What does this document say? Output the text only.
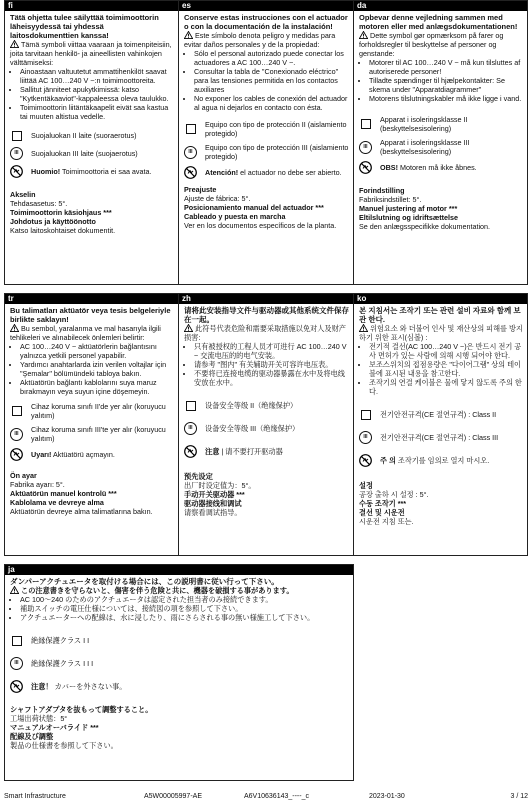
fi

Tätä ohjetta tulee säilyttää toimimoottorin läheisyydessä tai yhdessä laitosdokumenttien kanssa!

Tämä symboli viittaa vaaraan ja toimenpiteisiin, joita tarvitaan henkilö- ja aineellisten vahinkojen välttämiseksi:

• Ainoastaan valtuutetut ammattihenkilöt saavat liittää AC 100…240 V ~:n toimimoottoreita.
• Sallitut jänniteet apukytkimissä: katso "Kytkentäkaaviot"-kappaleessa oleva taulukko.
• Toimimoottorin liitäntäkaapelit eivät saa kastua tai muuten altistua vedelle.
Suojaluokan II laite (suoraerotus)
III	Suojaluokan III laite (suojaerotus)
Huomio! Toimimoottoria ei saa avata.

Akselin

Tehdasasetus: 5°.

Toimimoottorin käsiohjaus ***

Johdotus ja käyttöönotto

Katso laitoskohtaiset dokumentit.

es

Conserve estas instrucciones con el actuador o con la documentación de la instalación!

Este símbolo denota peligro y medidas para evitar daños personales y de la propiedad:

• Sólo el personal autorizado puede conectar los actuadores a AC 100…240 V ~.
• Consultar la tabla de "Conexionado eléctrico" para las tensiones permitida en los contactos auxiliares
• No exponer los cables de conexión del actuador al agua ni dejarlos en contacto con ésta.
Equipo con tipo de protección II (aislamiento protegido)
III	Equipo con tipo de protección III (aislamiento protegido)
Atención! el actuador no debe ser abierto.

Preajuste

Ajuste de fábrica: 5°.

Posicionamiento manual del actuador ***

Cableado y puesta en marcha

Ver en los documentos específicos de la planta.

da

Opbevar denne vejledning sammen med motoren eller med anlægsdokumentationen!

Dette symbol gør opmærksom på farer og forholdsregler til beskyttelse af personer og genstande:

• Motorer til AC 100…240 V ~ må kun tilsluttes af autoriserede personer!
• Tilladte spændinger til hjælpekontakter: Se skema under "Apparatdiagrammer"
• Motorens tilslutningskabler må ikke ligge i vand.
Apparat i isoleringsklasse II (beskyttelsesisolering)
III	Apparat i isoleringsklasse III (beskyttelsesisolering)
OBS! Motoren må ikke åbnes.

Forindstilling

Fabriksindstillet: 5°.

Manuel justering af motor ***

Eltilslutning og idriftsættelse

Se den anlægsspecifikke dokumentation.

tr

Bu talimatları aktüatör veya tesis belgeleriyle birlikte saklayın!

Bu sembol, yaralanma ve mal hasarıyla ilgili tehlikeleri ve alınabilecek önlemleri belirtir:

• AC 100…240 V ~ aktüatörlerin bağlantısını yalnızca yetkili personel yapabilir.
• Yardımcı anahtarlarda izin verilen voltajlar için "Şemalar" bölümündeki tabloya bakın.
• Aktüatörün bağlantı kablolarını suya maruz bırakmayın veya suyun içine döşemeyin.
Cihaz koruma sınıfı II'de yer alır (koruyucu yalıtım)
III	Cihaz koruma sınıfı III'te yer alır (koruyucu yalıtım)
Uyarı! Aktüatörü açmayın.

Ön ayar

Fabrika ayarı: 5°.

Aktüatörün manuel kontrolü ***

Kablolama ve devreye alma

Aktüatörün devreye alma talimatlarına bakın.

zh

请将此安装指导文件与驱动器或其他系统文件保存在一起。

此符号代表危险和需要采取措施以免对人及财产损害:

• 只有被授权的工程人员才可进行 AC 100…240 V ~ 交流电压的的电气安装。
• 请参考 "图内" 有关辅助开关可容许电压表。
• 不要将已连接电缆的驱动器暴露在水中及将电线安放在水中。
设备安全等级 II（绝缘保护）
III	设备安全等级 III（绝缘保护）
注意 | 请不要打开驱动器

预先设定

出厂时设定值为：5°。

手动开关驱动器 ***

驱动器接线和调试

请察看调试指导。

ko

본 지침서는 조작기 또는 관련 설비 자료와 함께 보관 한다.

위험요소 와 더불어 인사 및 재산상의 피해를 방지 하기 위한 표시(심볼) :

• 전기적 결선(AC 100…240 V ~)은 반드시 전기 공사 면허가 있는 사람에 의해 시행 되어야 한다.
• 보조스위치의 접점용량은 "다이어그램" 상의 테이블에 표시된 내용을 참고한다.
• 조작기의 연결 케이블은 물에 닿지 않도록 주의 한다.
전기안전규격(CE 절연규격) : Class II
III	전기안전규격(CE 절연규격) : Class III
주 의 조작기를 임의로 열지 마시오.

설정

공장 출하 시 설정 : 5°.

수동 조작기 ***

결선 및 시운전

시운전 지침 또는.

ja

ダンパーアクチュエータを取付ける場合には、この説明書に従い行って下さい。

この注意書きを守らないと、傷害を伴う危険と共に、機器を破損する事があります。

• AC 100～240 のためのアクチュエータは認定された担当者のみ接続できます。
• 補助スイッチの電圧仕様については、接続図の項を参照して下さい。
• アクチュエーターへの配線は、水に浸したり、雨にさらされる事の無い様施工して下さい。
絶縁保護クラス I I
III	絶縁保護クラス I I I
注意！ カバーを外さない事。

シャフトアダプタを抜もって調整すること。

工場出荷状態：5°

マニュアルオーバライド ***

配線及び調整

製品の仕様書を参照して下さい。

Smart Infrastructure	A5W00005997-AE	A6V10636143_----_c	2023-01-30	3 / 12
